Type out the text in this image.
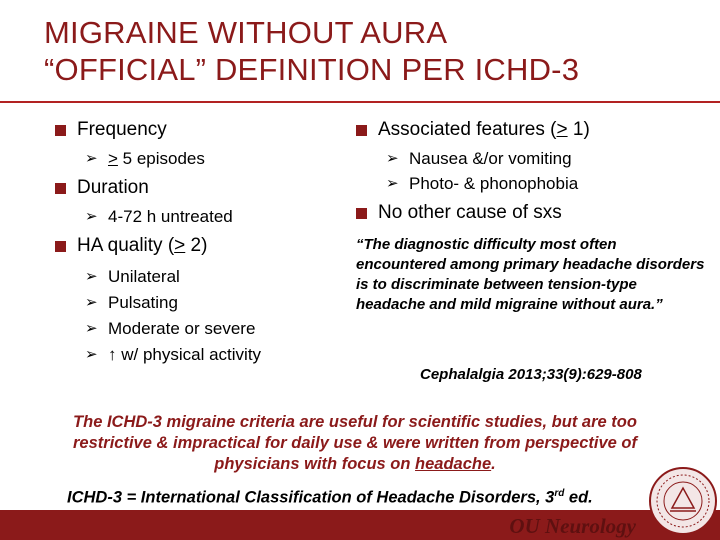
MIGRAINE WITHOUT AURA
“OFFICIAL” DEFINITION PER ICHD-3
Frequency
➢ ≥ 5 episodes
Duration
➢ 4-72 h untreated
HA quality (≥ 2)
➢ Unilateral
➢ Pulsating
➢ Moderate or severe
➢ ↑ w/ physical activity
Associated features (≥ 1)
➢ Nausea &/or vomiting
➢ Photo- & phonophobia
No other cause of sxs

“The diagnostic difficulty most often encountered among primary headache disorders is to discriminate between tension-type headache and mild migraine without aura.”

Cephalalgia 2013;33(9):629-808
The ICHD-3 migraine criteria are useful for scientific studies, but are too restrictive & impractical for daily use & were written from perspective of physicians with focus on headache.
ICHD-3 = International Classification of Headache Disorders, 3rd ed.
OU Neurology
